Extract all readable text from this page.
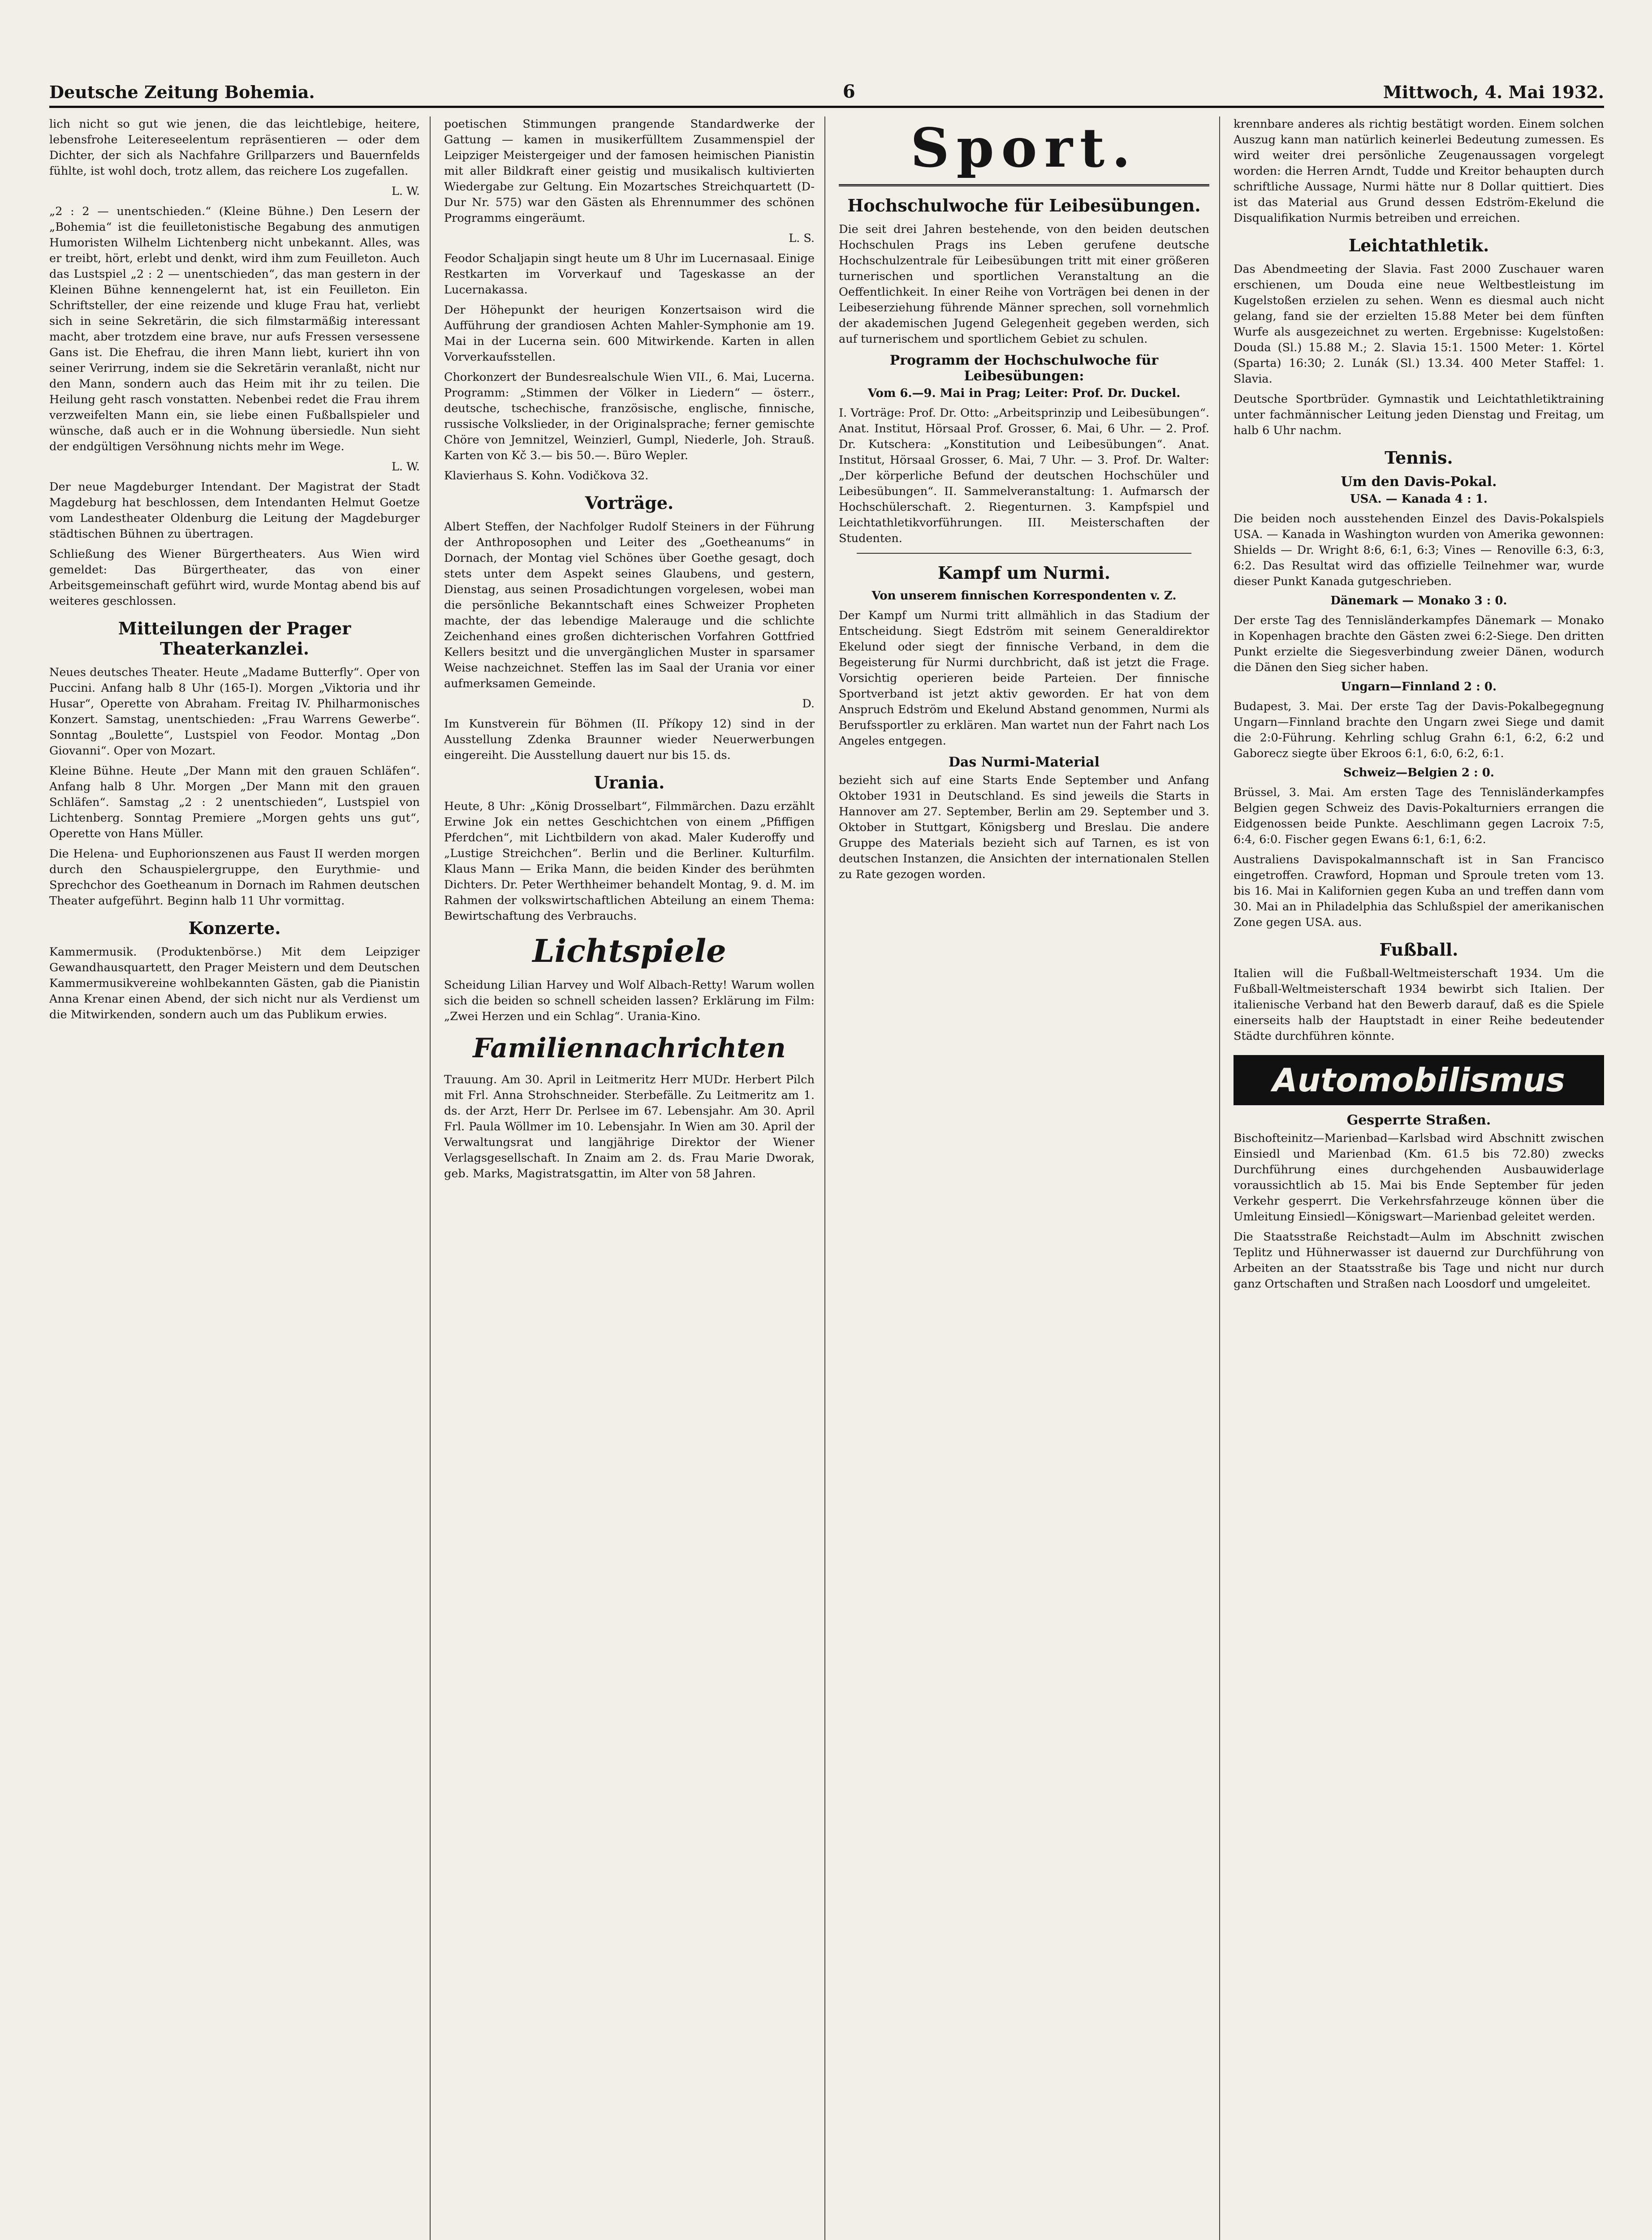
Deutsche Zeitung Bohemia.	6	Mittwoch, 4. Mai 1932.

lich nicht so gut wie jenen, die das leichtlebige, heitere, lebensfrohe Leitereseelentum repräsentieren — oder dem Dichter, der sich als Nachfahre Grillparzers und Bauernfelds fühlte, ist wohl doch, trotz allem, das reichere Los zugefallen.

L. W.

„2 : 2 — unentschieden.“ (Kleine Bühne.) Den Lesern der „Bohemia“ ist die feuilletonistische Begabung des anmutigen Humoristen Wilhelm Lichtenberg nicht unbekannt. Alles, was er treibt, hört, erlebt und denkt, wird ihm zum Feuilleton. Auch das Lustspiel „2 : 2 — unentschieden“, das man gestern in der Kleinen Bühne kennengelernt hat, ist ein Feuilleton. Ein Schriftsteller, der eine reizende und kluge Frau hat, verliebt sich in seine Sekretärin, die sich filmstarmäßig interessant macht, aber trotzdem eine brave, nur aufs Fressen versessene Gans ist. Die Ehefrau, die ihren Mann liebt, kuriert ihn von seiner Verirrung, indem sie die Sekretärin veranlaßt, nicht nur den Mann, sondern auch das Heim mit ihr zu teilen. Die Heilung geht rasch vonstatten. Nebenbei redet die Frau ihrem verzweifelten Mann ein, sie liebe einen Fußballspieler und wünsche, daß auch er in die Wohnung übersiedle. Nun sieht der endgültigen Versöhnung nichts mehr im Wege.

L. W.

Der neue Magdeburger Intendant. Der Magistrat der Stadt Magdeburg hat beschlossen, dem Intendanten Helmut Goetze vom Landestheater Oldenburg die Leitung der Magdeburger städtischen Bühnen zu übertragen.

Schließung des Wiener Bürgertheaters. Aus Wien wird gemeldet: Das Bürgertheater, das von einer Arbeitsgemeinschaft geführt wird, wurde Montag abend bis auf weiteres geschlossen.

Mitteilungen der Prager Theaterkanzlei.

Neues deutsches Theater. Heute „Madame Butterfly“. Oper von Puccini. Anfang halb 8 Uhr (165-I). Morgen „Viktoria und ihr Husar“, Operette von Abraham. Freitag IV. Philharmonisches Konzert. Samstag, unentschieden: „Frau Warrens Gewerbe“. Sonntag „Boulette“, Lustspiel von Feodor. Montag „Don Giovanni“. Oper von Mozart.

Kleine Bühne. Heute „Der Mann mit den grauen Schläfen“. Anfang halb 8 Uhr. Morgen „Der Mann mit den grauen Schläfen“. Samstag „2 : 2 unentschieden“, Lustspiel von Lichtenberg. Sonntag Premiere „Morgen gehts uns gut“, Operette von Hans Müller.

Die Helena- und Euphorionszenen aus Faust II werden morgen durch den Schauspielergruppe, den Eurythmie- und Sprechchor des Goetheanum in Dornach im Rahmen deutschen Theater aufgeführt. Beginn halb 11 Uhr vormittag.

Konzerte.

Kammermusik. (Produktenbörse.) Mit dem Leipziger Gewandhausquartett, den Prager Meistern und dem Deutschen Kammermusikvereine wohlbekannten Gästen, gab die Pianistin Anna Krenar einen Abend, der sich nicht nur als Verdienst um die Mitwirkenden, sondern auch um das Publikum erwies.

poetischen Stimmungen prangende Standardwerke der Gattung — kamen in musikerfülltem Zusammenspiel der Leipziger Meistergeiger und der famosen heimischen Pianistin mit aller Bildkraft einer geistig und musikalisch kultivierten Wiedergabe zur Geltung. Ein Mozartsches Streichquartett (D-Dur Nr. 575) war den Gästen als Ehrennummer des schönen Programms eingeräumt.

L. S.

Feodor Schaljapin singt heute um 8 Uhr im Lucernasaal. Einige Restkarten im Vorverkauf und Tageskasse an der Lucernakassa.

Der Höhepunkt der heurigen Konzertsaison wird die Aufführung der grandiosen Achten Mahler-Symphonie am 19. Mai in der Lucerna sein. 600 Mitwirkende. Karten in allen Vorverkaufsstellen.

Chorkonzert der Bundesrealschule Wien VII., 6. Mai, Lucerna. Programm: „Stimmen der Völker in Liedern“ — österr., deutsche, tschechische, französische, englische, finnische, russische Volkslieder, in der Originalsprache; ferner gemischte Chöre von Jemnitzel, Weinzierl, Gumpl, Niederle, Joh. Strauß. Karten von Kč 3.— bis 50.—. Büro Wepler.

Klavierhaus S. Kohn. Vodičkova 32.

Vorträge.

Albert Steffen, der Nachfolger Rudolf Steiners in der Führung der Anthroposophen und Leiter des „Goetheanums“ in Dornach, der Montag viel Schönes über Goethe gesagt, doch stets unter dem Aspekt seines Glaubens, und gestern, Dienstag, aus seinen Prosadichtungen vorgelesen, wobei man die persönliche Bekanntschaft eines Schweizer Propheten machte, der das lebendige Malerauge und die schlichte Zeichenhand eines großen dichterischen Vorfahren Gottfried Kellers besitzt und die unvergänglichen Muster in sparsamer Weise nachzeichnet. Steffen las im Saal der Urania vor einer aufmerksamen Gemeinde.

D.

Im Kunstverein für Böhmen (II. Příkopy 12) sind in der Ausstellung Zdenka Braunner wieder Neuerwerbungen eingereiht. Die Ausstellung dauert nur bis 15. ds.

Urania.

Heute, 8 Uhr: „König Drosselbart“, Filmmärchen. Dazu erzählt Erwine Jok ein nettes Geschichtchen von einem „Pfiffigen Pferdchen“, mit Lichtbildern von akad. Maler Kuderoffy und „Lustige Streichchen“. Berlin und die Berliner. Kulturfilm. Klaus Mann — Erika Mann, die beiden Kinder des berühmten Dichters. Dr. Peter Werthheimer behandelt Montag, 9. d. M. im Rahmen der volkswirtschaftlichen Abteilung an einem Thema: Bewirtschaftung des Verbrauchs.

Lichtspiele

Scheidung Lilian Harvey und Wolf Albach-Retty! Warum wollen sich die beiden so schnell scheiden lassen? Erklärung im Film: „Zwei Herzen und ein Schlag“. Urania-Kino.

Familiennachrichten

Trauung. Am 30. April in Leitmeritz Herr MUDr. Herbert Pilch mit Frl. Anna Strohschneider. Sterbefälle. Zu Leitmeritz am 1. ds. der Arzt, Herr Dr. Perlsee im 67. Lebensjahr. Am 30. April Frl. Paula Wöllmer im 10. Lebensjahr. In Wien am 30. April der Verwaltungsrat und langjährige Direktor der Wiener Verlagsgesellschaft. In Znaim am 2. ds. Frau Marie Dworak, geb. Marks, Magistratsgattin, im Alter von 58 Jahren.

Sport.
Hochschulwoche für Leibesübungen.

Die seit drei Jahren bestehende, von den beiden deutschen Hochschulen Prags ins Leben gerufene deutsche Hochschulzentrale für Leibesübungen tritt mit einer größeren turnerischen und sportlichen Veranstaltung an die Oeffentlichkeit. In einer Reihe von Vorträgen bei denen in der Leibeserziehung führende Männer sprechen, soll vornehmlich der akademischen Jugend Gelegenheit gegeben werden, sich auf turnerischem und sportlichem Gebiet zu schulen.

Programm der Hochschulwoche für Leibesübungen:
Vom 6.—9. Mai in Prag; Leiter: Prof. Dr. Duckel.

I. Vorträge: Prof. Dr. Otto: „Arbeitsprinzip und Leibesübungen“. Anat. Institut, Hörsaal Prof. Grosser, 6. Mai, 6 Uhr. — 2. Prof. Dr. Kutschera: „Konstitution und Leibesübungen“. Anat. Institut, Hörsaal Grosser, 6. Mai, 7 Uhr. — 3. Prof. Dr. Walter: „Der körperliche Befund der deutschen Hochschüler und Leibesübungen“. II. Sammelveranstaltung: 1. Aufmarsch der Hochschülerschaft. 2. Riegenturnen. 3. Kampfspiel und Leichtathletikvorführungen. III. Meisterschaften der Studenten.

Kampf um Nurmi.
Von unserem finnischen Korrespondenten v. Z.

Der Kampf um Nurmi tritt allmählich in das Stadium der Entscheidung. Siegt Edström mit seinem Generaldirektor Ekelund oder siegt der finnische Verband, in dem die Begeisterung für Nurmi durchbricht, daß ist jetzt die Frage. Vorsichtig operieren beide Parteien. Der finnische Sportverband ist jetzt aktiv geworden. Er hat von dem Anspruch Edström und Ekelund Abstand genommen, Nurmi als Berufssportler zu erklären. Man wartet nun der Fahrt nach Los Angeles entgegen.

Das Nurmi-Material

bezieht sich auf eine Starts Ende September und Anfang Oktober 1931 in Deutschland. Es sind jeweils die Starts in Hannover am 27. September, Berlin am 29. September und 3. Oktober in Stuttgart, Königsberg und Breslau. Die andere Gruppe des Materials bezieht sich auf Tarnen, es ist von deutschen Instanzen, die Ansichten der internationalen Stellen zu Rate gezogen worden.

krennbare anderes als richtig bestätigt worden. Einem solchen Auszug kann man natürlich keinerlei Bedeutung zumessen. Es wird weiter drei persönliche Zeugenaussagen vorgelegt worden: die Herren Arndt, Tudde und Kreitor behaupten durch schriftliche Aussage, Nurmi hätte nur 8 Dollar quittiert. Dies ist das Material aus Grund dessen Edström-Ekelund die Disqualifikation Nurmis betreiben und erreichen.

Leichtathletik.

Das Abendmeeting der Slavia. Fast 2000 Zuschauer waren erschienen, um Douda eine neue Weltbestleistung im Kugelstoßen erzielen zu sehen. Wenn es diesmal auch nicht gelang, fand sie der erzielten 15.88 Meter bei dem fünften Wurfe als ausgezeichnet zu werten. Ergebnisse: Kugelstoßen: Douda (Sl.) 15.88 M.; 2. Slavia 15:1. 1500 Meter: 1. Körtel (Sparta) 16:30; 2. Lunák (Sl.) 13.34. 400 Meter Staffel: 1. Slavia.

Deutsche Sportbrüder. Gymnastik und Leichtathletiktraining unter fachmännischer Leitung jeden Dienstag und Freitag, um halb 6 Uhr nachm.

Tennis.
Um den Davis-Pokal.
USA. — Kanada 4 : 1.

Die beiden noch ausstehenden Einzel des Davis-Pokalspiels USA. — Kanada in Washington wurden von Amerika gewonnen: Shields — Dr. Wright 8:6, 6:1, 6:3; Vines — Renoville 6:3, 6:3, 6:2. Das Resultat wird das offizielle Teilnehmer war, wurde dieser Punkt Kanada gutgeschrieben.

Dänemark — Monako 3 : 0.

Der erste Tag des Tennisländerkampfes Dänemark — Monako in Kopenhagen brachte den Gästen zwei 6:2-Siege. Den dritten Punkt erzielte die Siegesverbindung zweier Dänen, wodurch die Dänen den Sieg sicher haben.

Ungarn—Finnland 2 : 0.

Budapest, 3. Mai. Der erste Tag der Davis-Pokalbegegnung Ungarn—Finnland brachte den Ungarn zwei Siege und damit die 2:0-Führung. Kehrling schlug Grahn 6:1, 6:2, 6:2 und Gaborecz siegte über Ekroos 6:1, 6:0, 6:2, 6:1.

Schweiz—Belgien 2 : 0.

Brüssel, 3. Mai. Am ersten Tage des Tennisländerkampfes Belgien gegen Schweiz des Davis-Pokalturniers errangen die Eidgenossen beide Punkte. Aeschlimann gegen Lacroix 7:5, 6:4, 6:0. Fischer gegen Ewans 6:1, 6:1, 6:2.

Australiens Davispokalmannschaft ist in San Francisco eingetroffen. Crawford, Hopman und Sproule treten vom 13. bis 16. Mai in Kalifornien gegen Kuba an und treffen dann vom 30. Mai an in Philadelphia das Schlußspiel der amerikanischen Zone gegen USA. aus.

Fußball.

Italien will die Fußball-Weltmeisterschaft 1934. Um die Fußball-Weltmeisterschaft 1934 bewirbt sich Italien. Der italienische Verband hat den Bewerb darauf, daß es die Spiele einerseits halb der Hauptstadt in einer Reihe bedeutender Städte durchführen könnte.

Automobilismus
Gesperrte Straßen.

Bischofteinitz—Marienbad—Karlsbad wird Abschnitt zwischen Einsiedl und Marienbad (Km. 61.5 bis 72.80) zwecks Durchführung eines durchgehenden Ausbauwiderlage voraussichtlich ab 15. Mai bis Ende September für jeden Verkehr gesperrt. Die Verkehrsfahrzeuge können über die Umleitung Einsiedl—Königswart—Marienbad geleitet werden.

Die Staatsstraße Reichstadt—Aulm im Abschnitt zwischen Teplitz und Hühnerwasser ist dauernd zur Durchführung von Arbeiten an der Staatsstraße bis Tage und nicht nur durch ganz Ortschaften und Straßen nach Loosdorf und umgeleitet.
